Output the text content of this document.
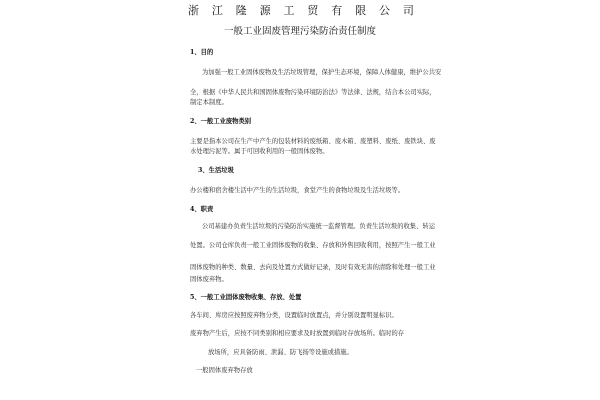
浙 江 隆 源 工 贸 有 限 公 司
一般工业固废管理污染防治责任制度
1、目的
为加强一般工业固体废物及生活垃圾管理，保护生态环境，保障人体健康，维护公共安
全，根据《中华人民共和国固体废物污染环境防治法》等法律、法规，结合本公司实际，
制定本制度。
2、一般工业废物类别
主要是指本公司在生产中产生的包装材料的废纸箱、废木箱、废塑料、废纸、废铁块、废
水处理污泥等。属于可回收利用的一般固体废物。
3、生活垃圾
办公楼和宿舍楼生活中产生的生活垃圾，食堂产生的食物垃圾及生活垃圾等。
4、职责
公司基建办负责生活垃圾的污染防治实施统一监督管理。负责生活垃圾的收集、转运
处置。公司仓库负责一般工业固体废物的收集、存放和外售回收利用，按照产生一般工业
固体废物的种类、数量、去向及处置方式做好记录，及时有效无害的清除和处理一般工业
固体废弃物。
5、一般工业固体废物收集、存放、处置
各车间、库房应按照废弃物分类，设置临时放置点，并分别设置明显标识。
废弃物产生后，应按不同类别和相应要求及时放置到临时存放场所。临时的存
放场所，应具备防雨、泄漏、防飞扬等设施或措施。
一般固体废弃物存放
